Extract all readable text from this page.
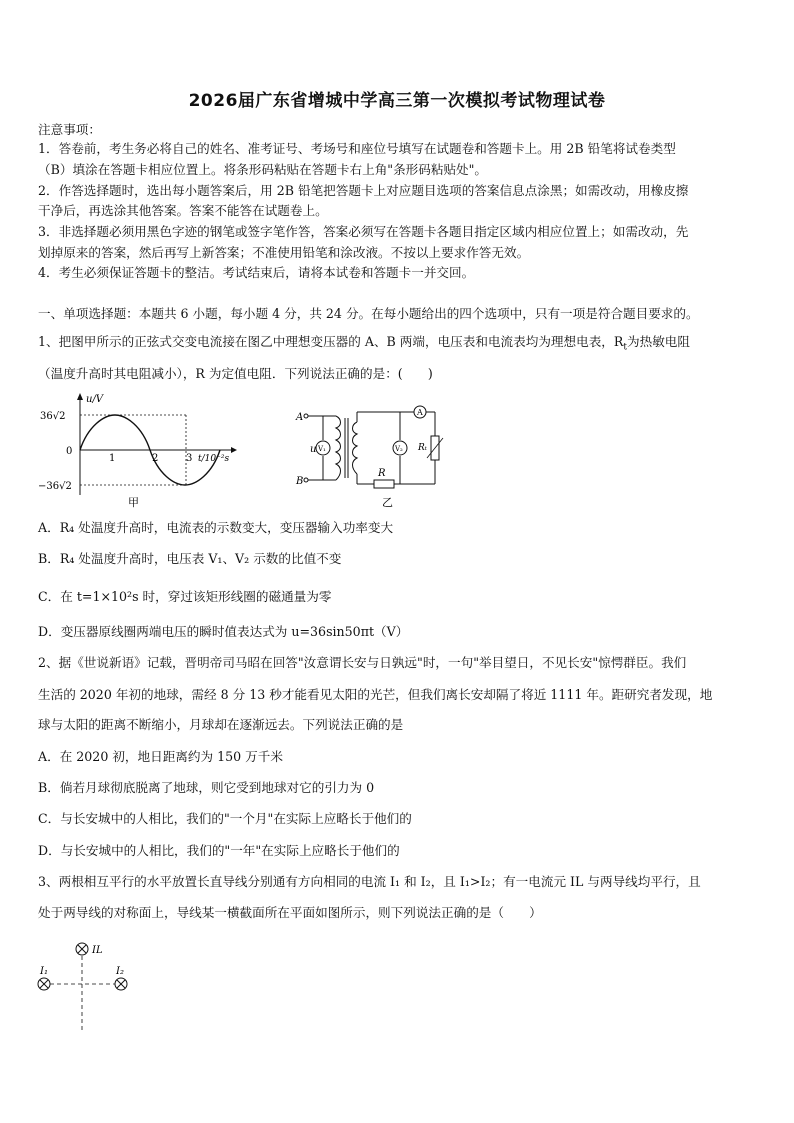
2026届广东省增城中学高三第一次模拟考试物理试卷
注意事项：
1．答卷前，考生务必将自己的姓名、准考证号、考场号和座位号填写在试题卷和答题卡上。用 2B 铅笔将试卷类型
（B）填涂在答题卡相应位置上。将条形码粘贴在答题卡右上角"条形码粘贴处"。
2．作答选择题时，选出每小题答案后，用 2B 铅笔把答题卡上对应题目选项的答案信息点涂黑；如需改动，用橡皮擦
干净后，再选涂其他答案。答案不能答在试题卷上。
3．非选择题必须用黑色字迹的钢笔或签字笔作答，答案必须写在答题卡各题目指定区域内相应位置上；如需改动，先
划掉原来的答案，然后再写上新答案；不准使用铅笔和涂改液。不按以上要求作答无效。
4．考生必须保证答题卡的整洁。考试结束后，请将本试卷和答题卡一并交回。
一、单项选择题：本题共 6 小题，每小题 4 分，共 24 分。在每小题给出的四个选项中，只有一项是符合题目要求的。
1、把图甲所示的正弦式交变电流接在图乙中理想变压器的 A、B 两端，电压表和电流表均为理想电表，$R_t$为热敏电阻
（温度升高时其电阻减小），R 为定值电阻．下列说法正确的是：(　　)
u/V
36√2
0
−36√2
1	2	3 t/10⁻²s
甲
V₁
A
V₂
A
B
u
R
Rₜ
乙
A．R₄ 处温度升高时，电流表的示数变大，变压器输入功率变大
B．R₄ 处温度升高时，电压表 V₁、V₂ 示数的比值不变
C．在 t=1×10²s 时，穿过该矩形线圈的磁通量为零
D．变压器原线圈两端电压的瞬时值表达式为 u=36sin50πt（V）
2、据《世说新语》记载，晋明帝司马昭在回答"汝意谓长安与日孰远"时，一句"举目望日，不见长安"惊愕群臣。我们
生活的 2020 年初的地球，需经 8 分 13 秒才能看见太阳的光芒，但我们离长安却隔了将近 1111 年。距研究者发现，地
球与太阳的距离不断缩小，月球却在逐渐远去。下列说法正确的是
A．在 2020 初，地日距离约为 150 万千米
B．倘若月球彻底脱离了地球，则它受到地球对它的引力为 0
C．与长安城中的人相比，我们的"一个月"在实际上应略长于他们的
D．与长安城中的人相比，我们的"一年"在实际上应略长于他们的
3、两根相互平行的水平放置长直导线分别通有方向相同的电流 I₁ 和 I₂，且 I₁>I₂；有一电流元 IL 与两导线均平行，且
处于两导线的对称面上，导线某一横截面所在平面如图所示，则下列说法正确的是（　　）
IL
I₁	I₂
